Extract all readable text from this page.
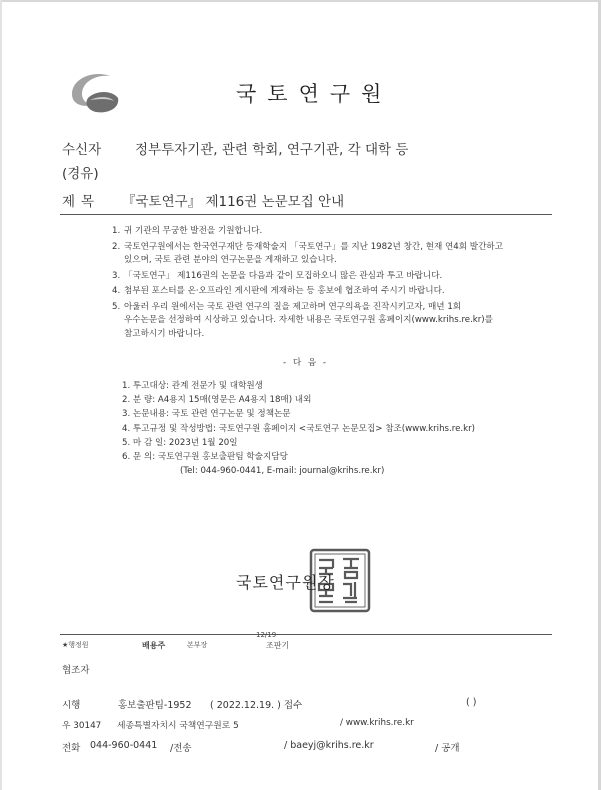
국토연구원
수신자	정부투자기관, 관련 학회, 연구기관, 각 대학 등
(경유)
제목 『국토연구』 제116권 논문모집 안내
1. 귀 기관의 무궁한 발전을 기원합니다.
2. 국토연구원에서는 한국연구재단 등재학술지 「국토연구」를 지난 1982년 창간, 현재 연4회 발간하고
있으며, 국토 관련 분야의 연구논문을 게재하고 있습니다.
3. 「국토연구」 제116권의 논문을 다음과 같이 모집하오니 많은 관심과 투고 바랍니다.
4. 첨부된 포스터를 온·오프라인 게시판에 게재하는 등 홍보에 협조하여 주시기 바랍니다.
5. 아울러 우리 원에서는 국토 관련 연구의 질을 제고하며 연구의욕을 진작시키고자, 매년 1회
우수논문을 선정하여 시상하고 있습니다. 자세한 내용은 국토연구원 홈페이지(www.krihs.re.kr)를
참고하시기 바랍니다.
- 다 음 -
1. 투고대상: 관계 전문가 및 대학원생
2. 분 량: A4용지 15매(영문은 A4용지 18매) 내외
3. 논문내용: 국토 관련 연구논문 및 정책논문
4. 투고규정 및 작성방법: 국토연구원 홈페이지 <국토연구 논문모집> 참조(www.krihs.re.kr)
5. 마 감 일: 2023년 1월 20일
6. 문 의: 국토연구원 홍보출판팀 학술지담당
(Tel: 044-960-0441, E-mail: journal@krihs.re.kr)
국토연구원장
★행정원	배용주	본부장
12/19
조판기
협조자
시행	홍보출판팀-1952 ( 2022.12.19. ) 접수	( )
우 30147 세종특별자치시 국책연구원로 5	/ www.krihs.re.kr
전화 044-960-0441 /전송	/ baeyj@krihs.re.kr	/ 공개
